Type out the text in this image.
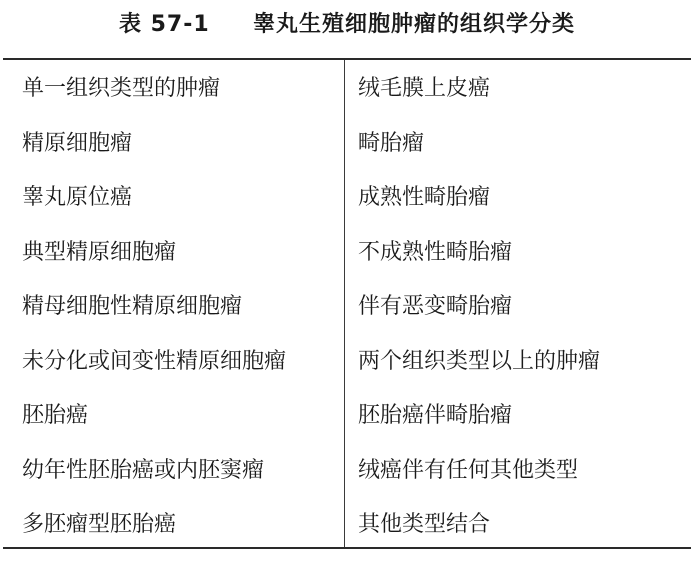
表 57-1 睾丸生殖细胞肿瘤的组织学分类
单一组织类型的肿瘤
精原细胞瘤
睾丸原位癌
典型精原细胞瘤
精母细胞性精原细胞瘤
未分化或间变性精原细胞瘤
胚胎癌
幼年性胚胎癌或内胚窦瘤
多胚瘤型胚胎癌
绒毛膜上皮癌
畸胎瘤
成熟性畸胎瘤
不成熟性畸胎瘤
伴有恶变畸胎瘤
两个组织类型以上的肿瘤
胚胎癌伴畸胎瘤
绒癌伴有任何其他类型
其他类型结合
